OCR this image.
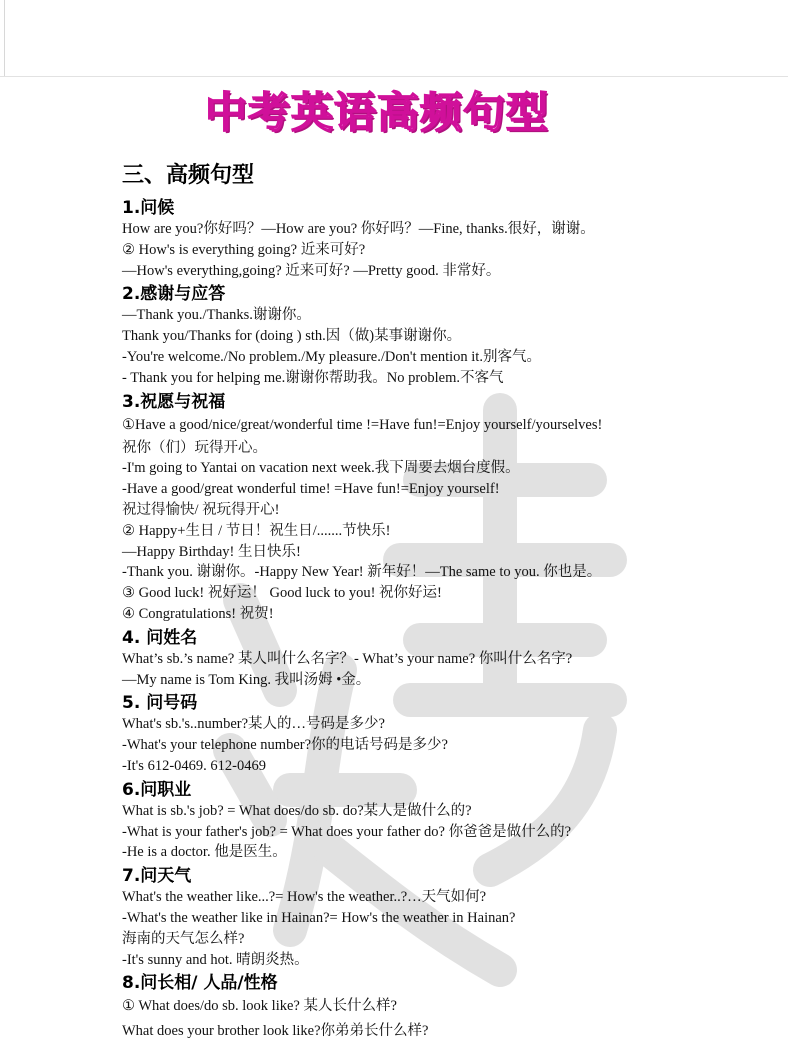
中考英语高频句型
三、高频句型
1.问候
How are you?你好吗？—How are you? 你好吗？—Fine, thanks.很好，谢谢。
② How's is everything going? 近来可好?
—How's everything,going? 近来可好? —Pretty good. 非常好。
2.感谢与应答
—Thank you./Thanks.谢谢你。
Thank you/Thanks for (doing ) sth.因（做)某事谢谢你。
-You're welcome./No problem./My pleasure./Don't mention it.别客气。
- Thank you for helping me.谢谢你帮助我。No problem.不客气
3.祝愿与祝福
①Have a good/nice/great/wonderful time !=Have fun!=Enjoy yourself/yourselves!
祝你（们）玩得开心。
-I'm going to Yantai on vacation next week.我下周要去烟台度假。
-Have a good/great wonderful time! =Have fun!=Enjoy yourself!
祝过得愉快/ 祝玩得开心!
② Happy+生日 / 节日！祝生日/.......节快乐!
—Happy Birthday! 生日快乐!
-Thank you. 谢谢你。-Happy New Year! 新年好！—The same to you. 你也是。
③ Good luck! 祝好运！ Good luck to you! 祝你好运!
④ Congratulations! 祝贺!
4. 问姓名
What’s sb.’s name? 某人叫什么名字？- What’s your name? 你叫什么名字?
—My name is Tom King. 我叫汤姆 •金。
5. 问号码
What's sb.'s..number?某人的…号码是多少?
-What's your telephone number?你的电话号码是多少?
-It's 612-0469. 612-0469
6.问职业
What is sb.'s job? = What does/do sb. do?某人是做什么的?
-What is your father's job? = What does your father do? 你爸爸是做什么的?
-He is a doctor. 他是医生。
7.问天气
What's the weather like...?= How's the weather..?…天气如何?
-What's the weather like in Hainan?= How's the weather in Hainan?
海南的天气怎么样?
-It's sunny and hot. 晴朗炎热。
8.问长相/ 人品/性格
① What does/do sb. look like? 某人长什么样?
What does your brother look like?你弟弟长什么样?
